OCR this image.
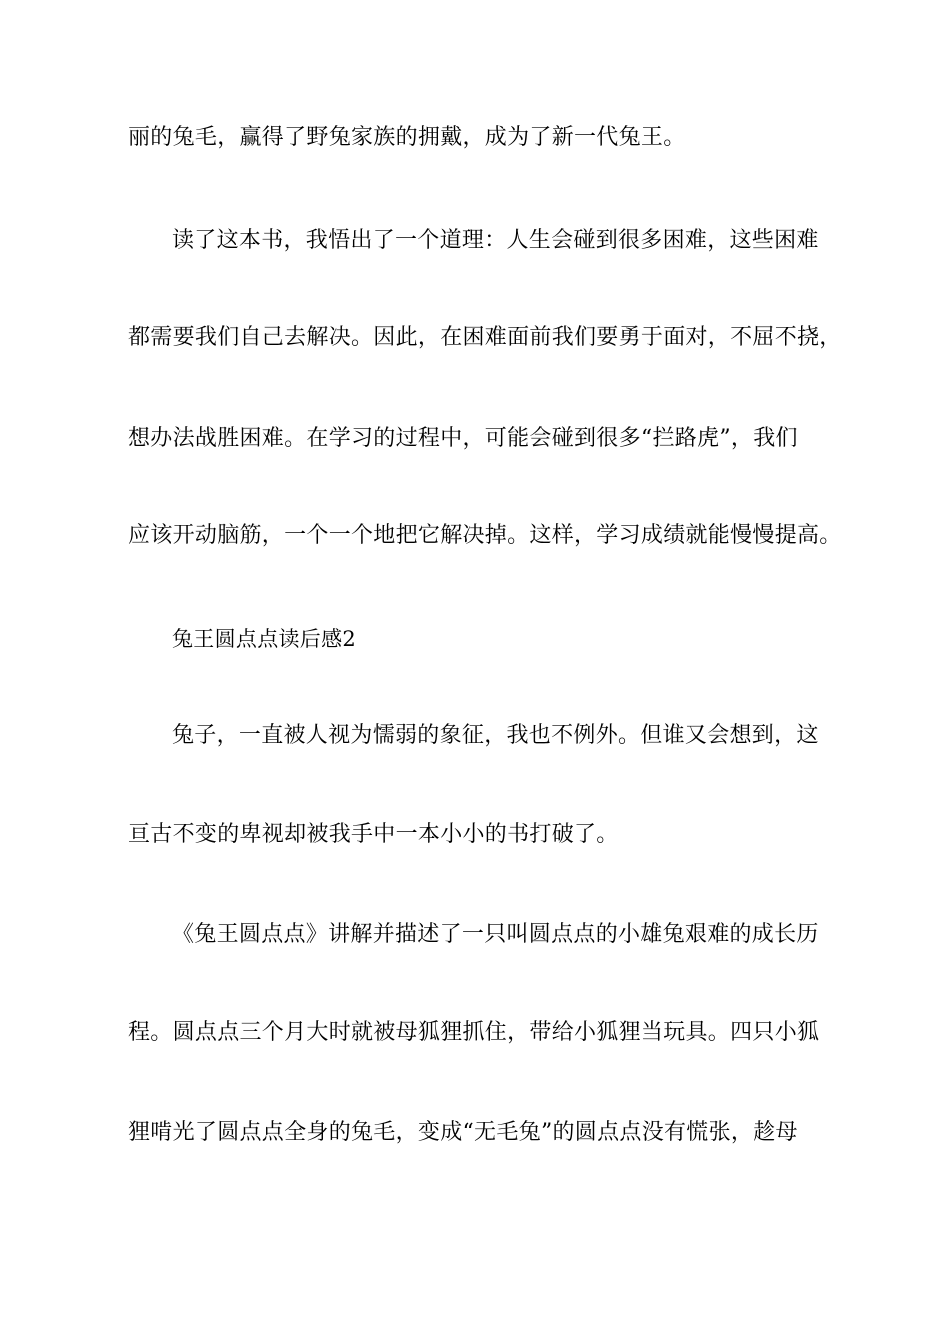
丽的兔毛，赢得了野兔家族的拥戴，成为了新一代兔王。
读了这本书，我悟出了一个道理：人生会碰到很多困难，这些困难
都需要我们自己去解决。因此，在困难面前我们要勇于面对，不屈不挠，
想办法战胜困难。在学习的过程中，可能会碰到很多“拦路虎”，我们
应该开动脑筋，一个一个地把它解决掉。这样，学习成绩就能慢慢提高。
兔王圆点点读后感2
兔子，一直被人视为懦弱的象征，我也不例外。但谁又会想到，这
亘古不变的卑视却被我手中一本小小的书打破了。
《兔王圆点点》讲解并描述了一只叫圆点点的小雄兔艰难的成长历
程。圆点点三个月大时就被母狐狸抓住，带给小狐狸当玩具。四只小狐
狸啃光了圆点点全身的兔毛，变成“无毛兔”的圆点点没有慌张，趁母
